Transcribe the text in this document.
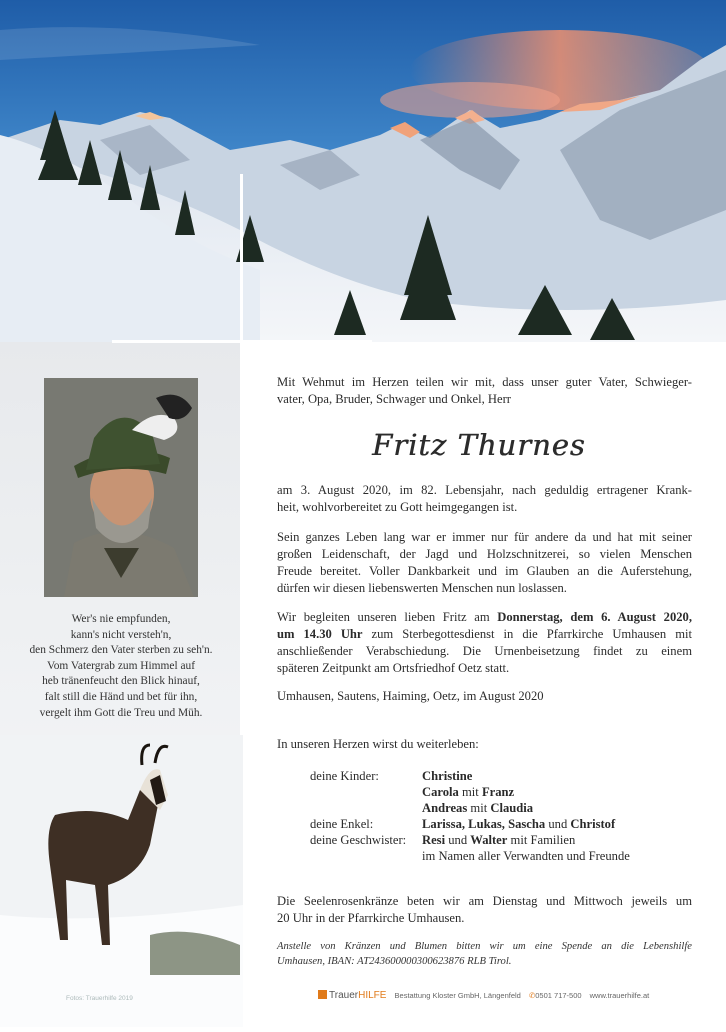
Wer's nie empfunden,
kann's nicht versteh'n,
den Schmerz den Vater sterben zu seh'n.
Vom Vatergrab zum Himmel auf
heb tränenfeucht den Blick hinauf,
falt still die Händ und bet für ihn,
vergelt ihm Gott die Treu und Müh.
Fotos: Trauerhilfe 2019
Mit Wehmut im Herzen teilen wir mit, dass unser guter Vater, Schwieger-
vater, Opa, Bruder, Schwager und Onkel, Herr
am 3. August 2020, im 82. Lebensjahr, nach geduldig ertragener Krank-
heit, wohlvorbereitet zu Gott heimgegangen ist.
Sein ganzes Leben lang war er immer nur für andere da und hat mit seiner
großen Leidenschaft, der Jagd und Holzschnitzerei, so vielen Menschen
Freude bereitet. Voller Dankbarkeit und im Glauben an die Auferstehung,
dürfen wir diesen liebenswerten Menschen nun loslassen.
Wir begleiten unseren lieben Fritz am Donnerstag, dem 6. August 2020,
um 14.30 Uhr zum Sterbegottesdienst in die Pfarrkirche Umhausen mit
anschließender Verabschiedung. Die Urnenbeisetzung findet zu einem
späteren Zeitpunkt am Ortsfriedhof Oetz statt.
Umhausen, Sautens, Haiming, Oetz, im August 2020
In unseren Herzen wirst du weiterleben:
Die Seelenrosenkränze beten wir am Dienstag und Mittwoch jeweils um
20 Uhr in der Pfarrkirche Umhausen.
Fritz Thurnes
deine Kinder:	Christine
Carola mit Franz
Andreas mit Claudia
deine Enkel:	Larissa, Lukas, Sascha und Christof
deine Geschwister: Resi und Walter mit Familien
im Namen aller Verwandten und Freunde
Anstelle von Kränzen und Blumen bitten wir um eine Spende an die Lebenshilfe
Umhausen, IBAN: AT243600000300623876 RLB Tirol.
TrauerHILFE Bestattung Kloster GmbH, Längenfeld ✆0501 717-500 www.trauerhilfe.at
